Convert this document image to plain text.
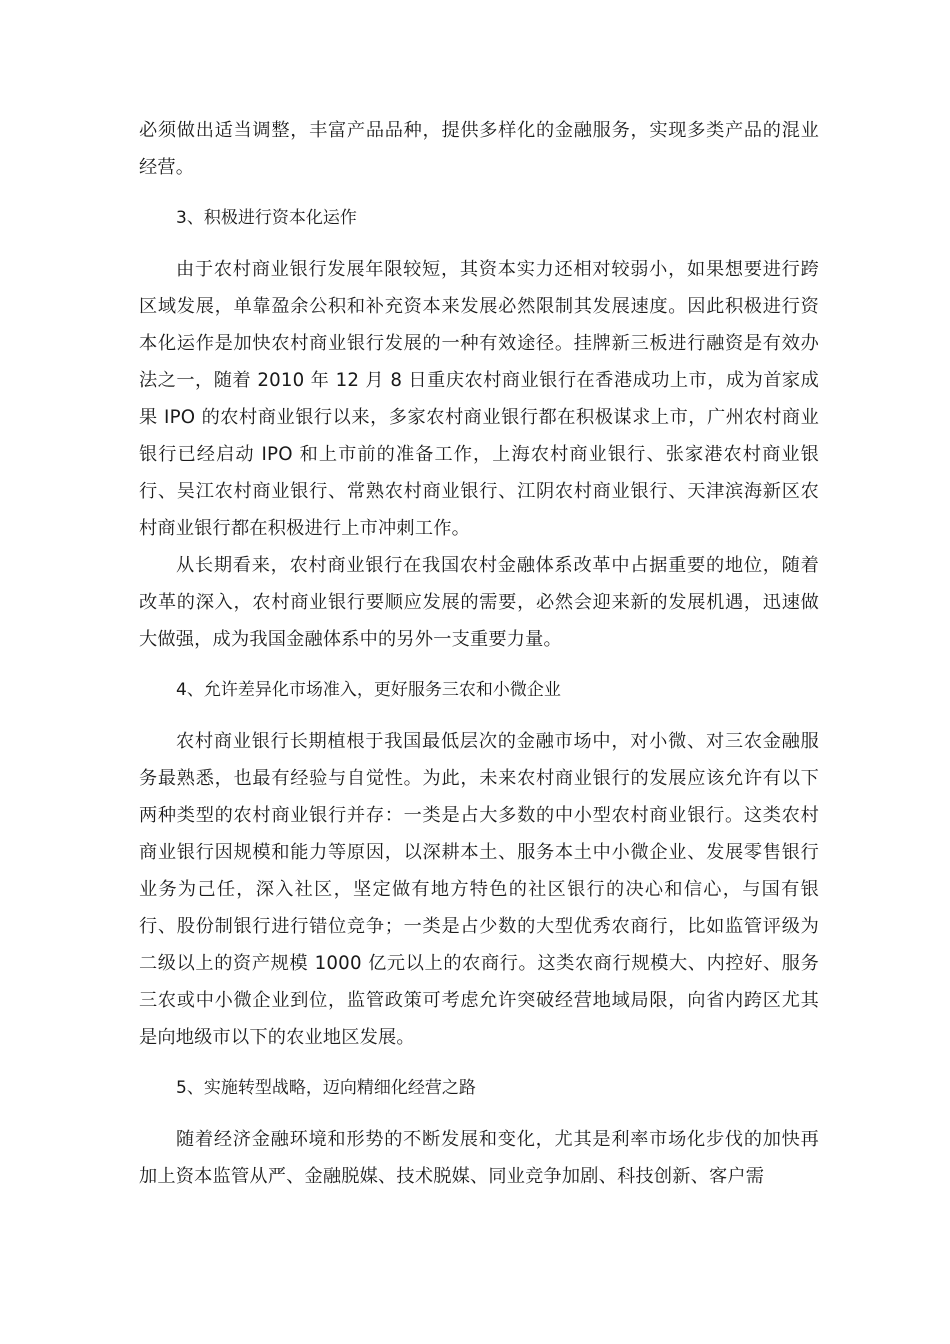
必须做出适当调整，丰富产品品种，提供多样化的金融服务，实现多类产品的混业经营。

3、积极进行资本化运作

由于农村商业银行发展年限较短，其资本实力还相对较弱小，如果想要进行跨区域发展，单靠盈余公积和补充资本来发展必然限制其发展速度。因此积极进行资本化运作是加快农村商业银行发展的一种有效途径。挂牌新三板进行融资是有效办法之一，随着 2010 年 12 月 8 日重庆农村商业银行在香港成功上市，成为首家成果 IPO 的农村商业银行以来，多家农村商业银行都在积极谋求上市，广州农村商业银行已经启动 IPO 和上市前的准备工作，上海农村商业银行、张家港农村商业银行、吴江农村商业银行、常熟农村商业银行、江阴农村商业银行、天津滨海新区农村商业银行都在积极进行上市冲刺工作。

从长期看来，农村商业银行在我国农村金融体系改革中占据重要的地位，随着改革的深入，农村商业银行要顺应发展的需要，必然会迎来新的发展机遇，迅速做大做强，成为我国金融体系中的另外一支重要力量。

4、允许差异化市场准入，更好服务三农和小微企业

农村商业银行长期植根于我国最低层次的金融市场中，对小微、对三农金融服务最熟悉，也最有经验与自觉性。为此，未来农村商业银行的发展应该允许有以下两种类型的农村商业银行并存：一类是占大多数的中小型农村商业银行。这类农村商业银行因规模和能力等原因，以深耕本土、服务本土中小微企业、发展零售银行业务为己任，深入社区，坚定做有地方特色的社区银行的决心和信心，与国有银行、股份制银行进行错位竞争；一类是占少数的大型优秀农商行，比如监管评级为二级以上的资产规模 1000 亿元以上的农商行。这类农商行规模大、内控好、服务三农或中小微企业到位，监管政策可考虑允许突破经营地域局限，向省内跨区尤其是向地级市以下的农业地区发展。

5、实施转型战略，迈向精细化经营之路

随着经济金融环境和形势的不断发展和变化，尤其是利率市场化步伐的加快再加上资本监管从严、金融脱媒、技术脱媒、同业竞争加剧、科技创新、客户需
